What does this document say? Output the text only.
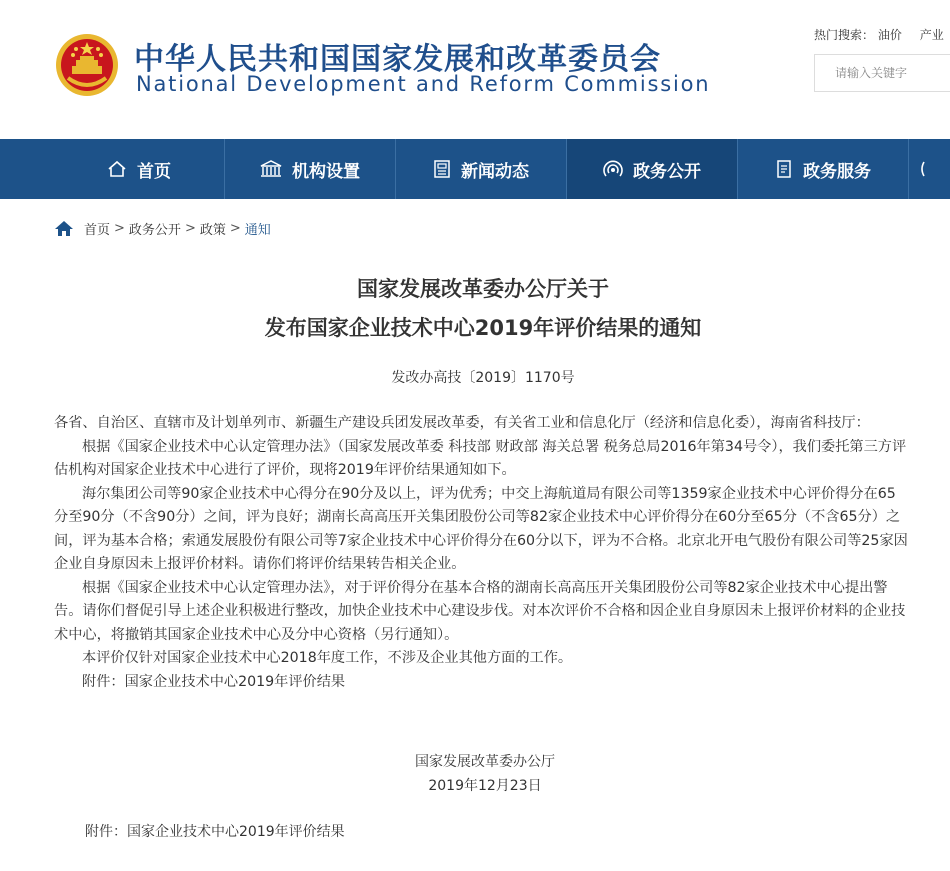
中华人民共和国国家发展和改革委员会
National Development and Reform Commission
热门搜索： 油价 产业
请输入关键字
首页	机构设置	新闻动态	政务公开	政务服务
首页 > 政务公开 > 政策 > 通知
国家发展改革委办公厅关于
发布国家企业技术中心2019年评价结果的通知
发改办高技〔2019〕1170号

各省、自治区、直辖市及计划单列市、新疆生产建设兵团发展改革委，有关省工业和信息化厅（经济和信息化委），海南省科技厅：

根据《国家企业技术中心认定管理办法》（国家发展改革委 科技部 财政部 海关总署 税务总局2016年第34号令），我们委托第三方评估机构对国家企业技术中心进行了评价，现将2019年评价结果通知如下。

海尔集团公司等90家企业技术中心得分在90分及以上，评为优秀；中交上海航道局有限公司等1359家企业技术中心评价得分在65分至90分（不含90分）之间，评为良好；湖南长高高压开关集团股份公司等82家企业技术中心评价得分在60分至65分（不含65分）之间，评为基本合格；索通发展股份有限公司等7家企业技术中心评价得分在60分以下，评为不合格。北京北开电气股份有限公司等25家因企业自身原因未上报评价材料。请你们将评价结果转告相关企业。

根据《国家企业技术中心认定管理办法》，对于评价得分在基本合格的湖南长高高压开关集团股份公司等82家企业技术中心提出警告。请你们督促引导上述企业积极进行整改，加快企业技术中心建设步伐。对本次评价不合格和因企业自身原因未上报评价材料的企业技术中心，将撤销其国家企业技术中心及分中心资格（另行通知）。

本评价仅针对国家企业技术中心2018年度工作，不涉及企业其他方面的工作。

附件：国家企业技术中心2019年评价结果

国家发展改革委办公厅
2019年12月23日
附件：国家企业技术中心2019年评价结果
